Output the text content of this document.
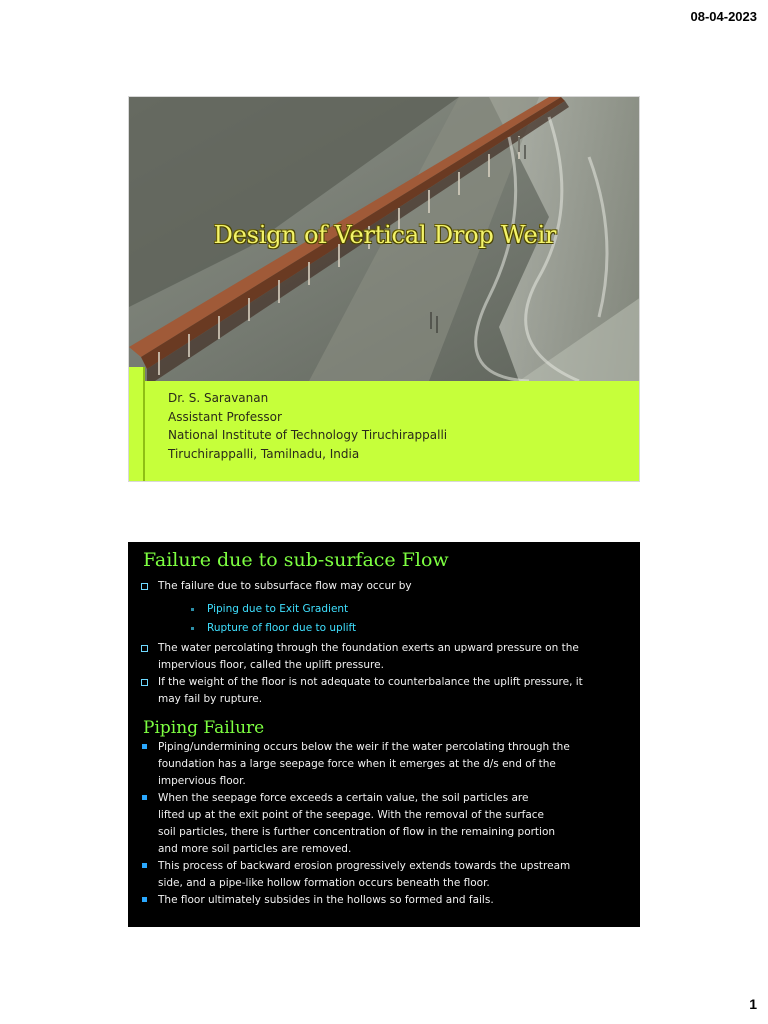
08-04-2023
Design of Vertical Drop Weir
Dr. S. Saravanan
Assistant Professor
National Institute of Technology Tiruchirappalli
Tiruchirappalli, Tamilnadu, India
Failure due to sub-surface Flow
The failure due to subsurface flow may occur by
Piping due to Exit Gradient
Rupture of floor due to uplift
The water percolating through the foundation exerts an upward pressure on the
impervious floor, called the uplift pressure.
If the weight of the floor is not adequate to counterbalance the uplift pressure, it
may fail by rupture.
Piping Failure
Piping/undermining occurs below the weir if the water percolating through the
foundation has a large seepage force when it emerges at the d/s end of the
impervious floor.
When the seepage force exceeds a certain value, the soil particles are
lifted up at the exit point of the seepage. With the removal of the surface
soil particles, there is further concentration of flow in the remaining portion
and more soil particles are removed.
This process of backward erosion progressively extends towards the upstream
side, and a pipe-like hollow formation occurs beneath the floor.
The floor ultimately subsides in the hollows so formed and fails.
1
